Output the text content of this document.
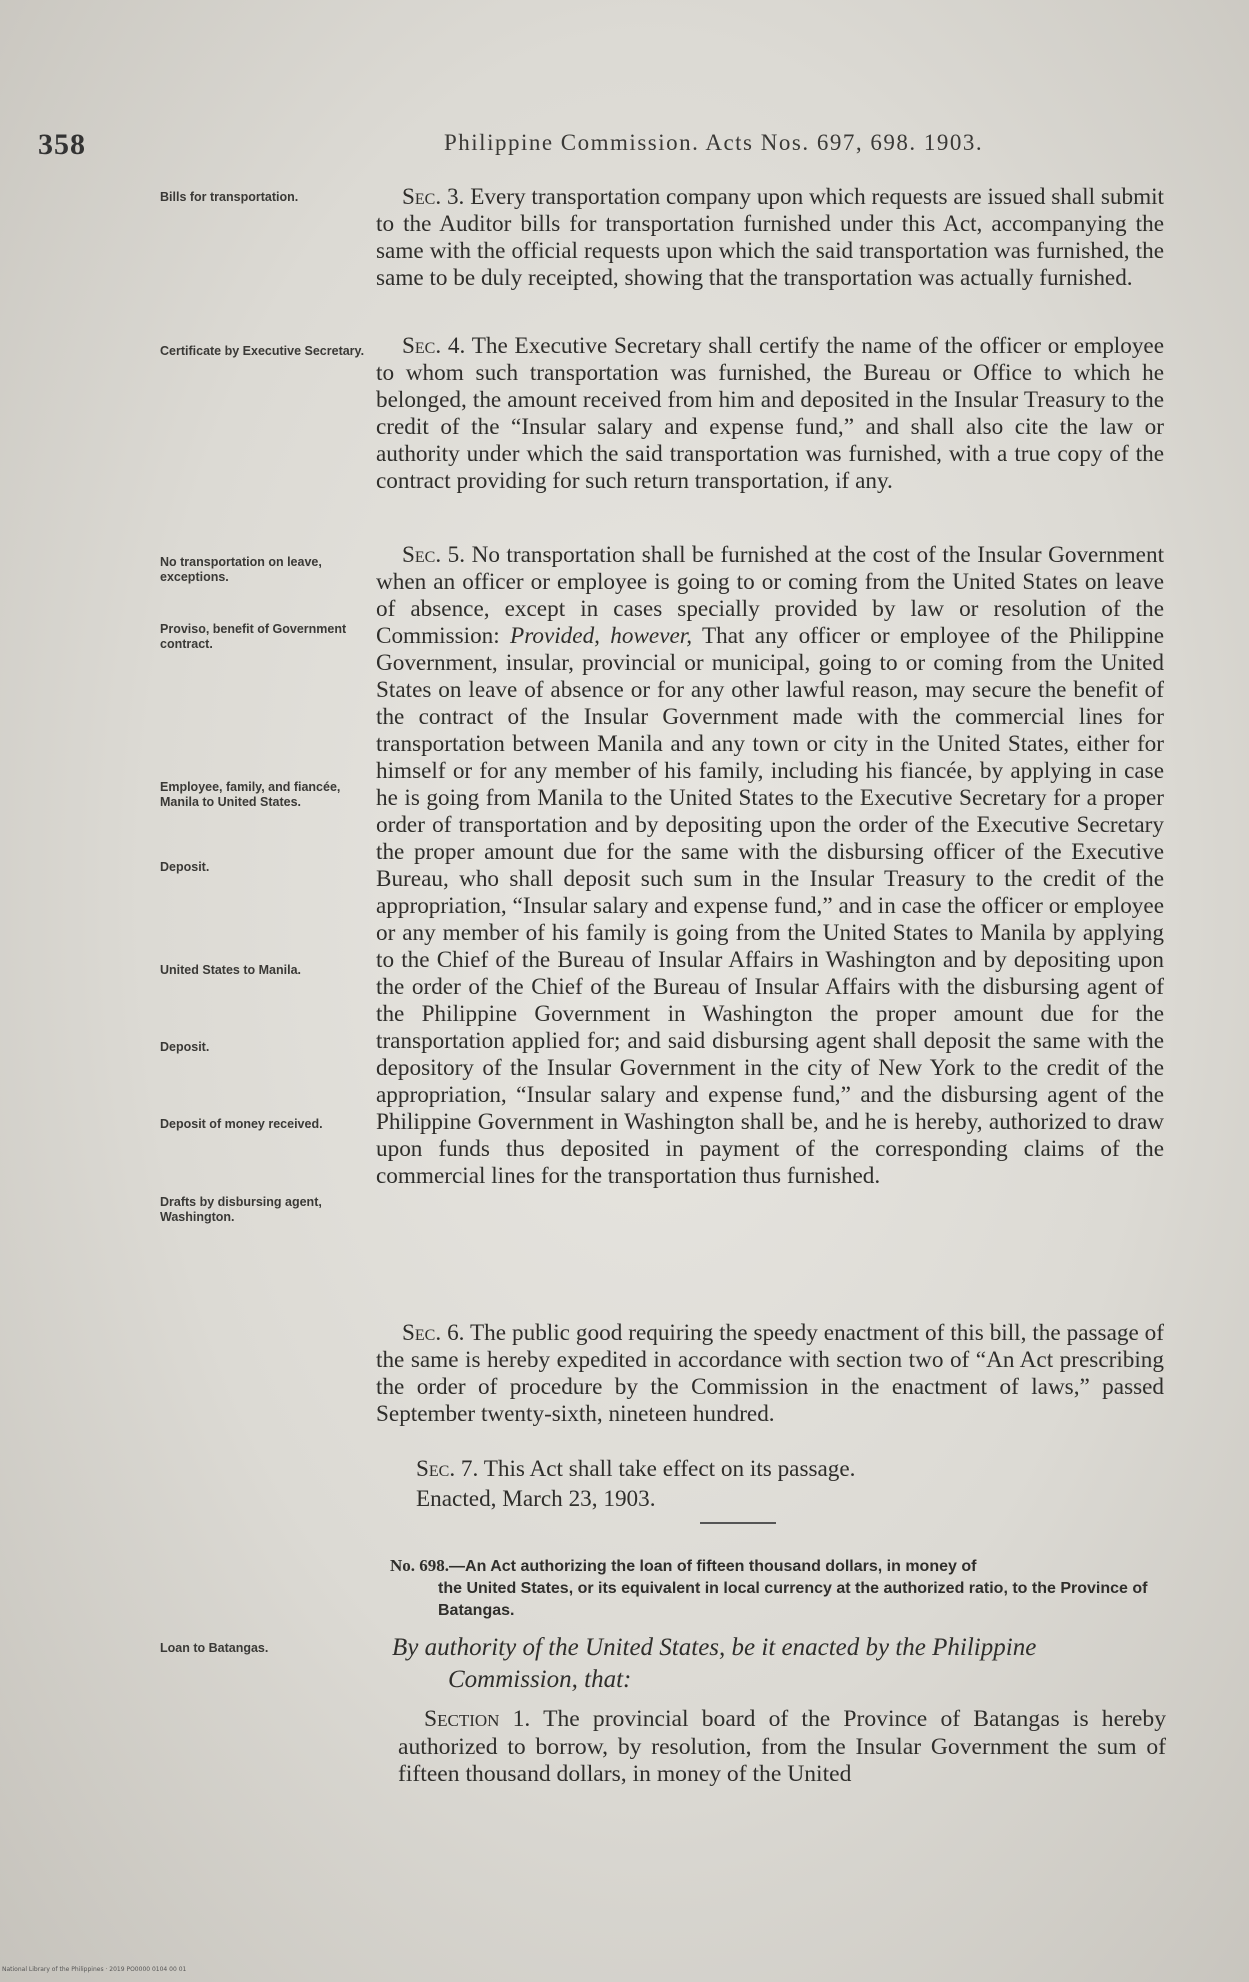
358	Philippine Commission. Acts Nos. 697, 698. 1903.
Bills for transportation.
Certificate by Executive Secretary.
No transportation on leave, exceptions.
Proviso, benefit of Government contract.
Employee, family, and fiancée, Manila to United States.
Deposit.
United States to Manila.
Deposit.
Deposit of money received.
Drafts by disbursing agent, Washington.
Loan to Batangas.
Sec. 3. Every transportation company upon which requests are issued shall submit to the Auditor bills for transportation furnished under this Act, accompanying the same with the official requests upon which the said transportation was furnished, the same to be duly receipted, showing that the transportation was actually furnished.
Sec. 4. The Executive Secretary shall certify the name of the officer or employee to whom such transportation was furnished, the Bureau or Office to which he belonged, the amount received from him and deposited in the Insular Treasury to the credit of the “Insular salary and expense fund,” and shall also cite the law or authority under which the said transportation was furnished, with a true copy of the contract providing for such return transportation, if any.
Sec. 5. No transportation shall be furnished at the cost of the Insular Government when an officer or employee is going to or coming from the United States on leave of absence, except in cases specially provided by law or resolution of the Commission: Provided, however, That any officer or employee of the Philippine Government, insular, provincial or municipal, going to or coming from the United States on leave of absence or for any other lawful reason, may secure the benefit of the contract of the Insular Government made with the commercial lines for transportation between Manila and any town or city in the United States, either for himself or for any member of his family, including his fiancée, by applying in case he is going from Manila to the United States to the Executive Secretary for a proper order of transportation and by depositing upon the order of the Executive Secretary the proper amount due for the same with the disbursing officer of the Executive Bureau, who shall deposit such sum in the Insular Treasury to the credit of the appropriation, “Insular salary and expense fund,” and in case the officer or employee or any member of his family is going from the United States to Manila by applying to the Chief of the Bureau of Insular Affairs in Washington and by depositing upon the order of the Chief of the Bureau of Insular Affairs with the disbursing agent of the Philippine Government in Washington the proper amount due for the transportation applied for; and said disbursing agent shall deposit the same with the depository of the Insular Government in the city of New York to the credit of the appropriation, “Insular salary and expense fund,” and the disbursing agent of the Philippine Government in Washington shall be, and he is hereby, authorized to draw upon funds thus deposited in payment of the corresponding claims of the commercial lines for the transportation thus furnished.
Sec. 6. The public good requiring the speedy enactment of this bill, the passage of the same is hereby expedited in accordance with section two of “An Act prescribing the order of procedure by the Commission in the enactment of laws,” passed September twenty-sixth, nineteen hundred.
Sec. 7. This Act shall take effect on its passage.
Enacted, March 23, 1903.
No. 698.—An Act authorizing the loan of fifteen thousand dollars, in money of
the United States, or its equivalent in local currency at the authorized ratio, to the Province of Batangas.
By authority of the United States, be it enacted by the Philippine
Commission, that:
Section 1. The provincial board of the Province of Batangas is hereby authorized to borrow, by resolution, from the Insular Government the sum of fifteen thousand dollars, in money of the United
National Library of the Philippines · 2019 PO0000 0104 00 01
